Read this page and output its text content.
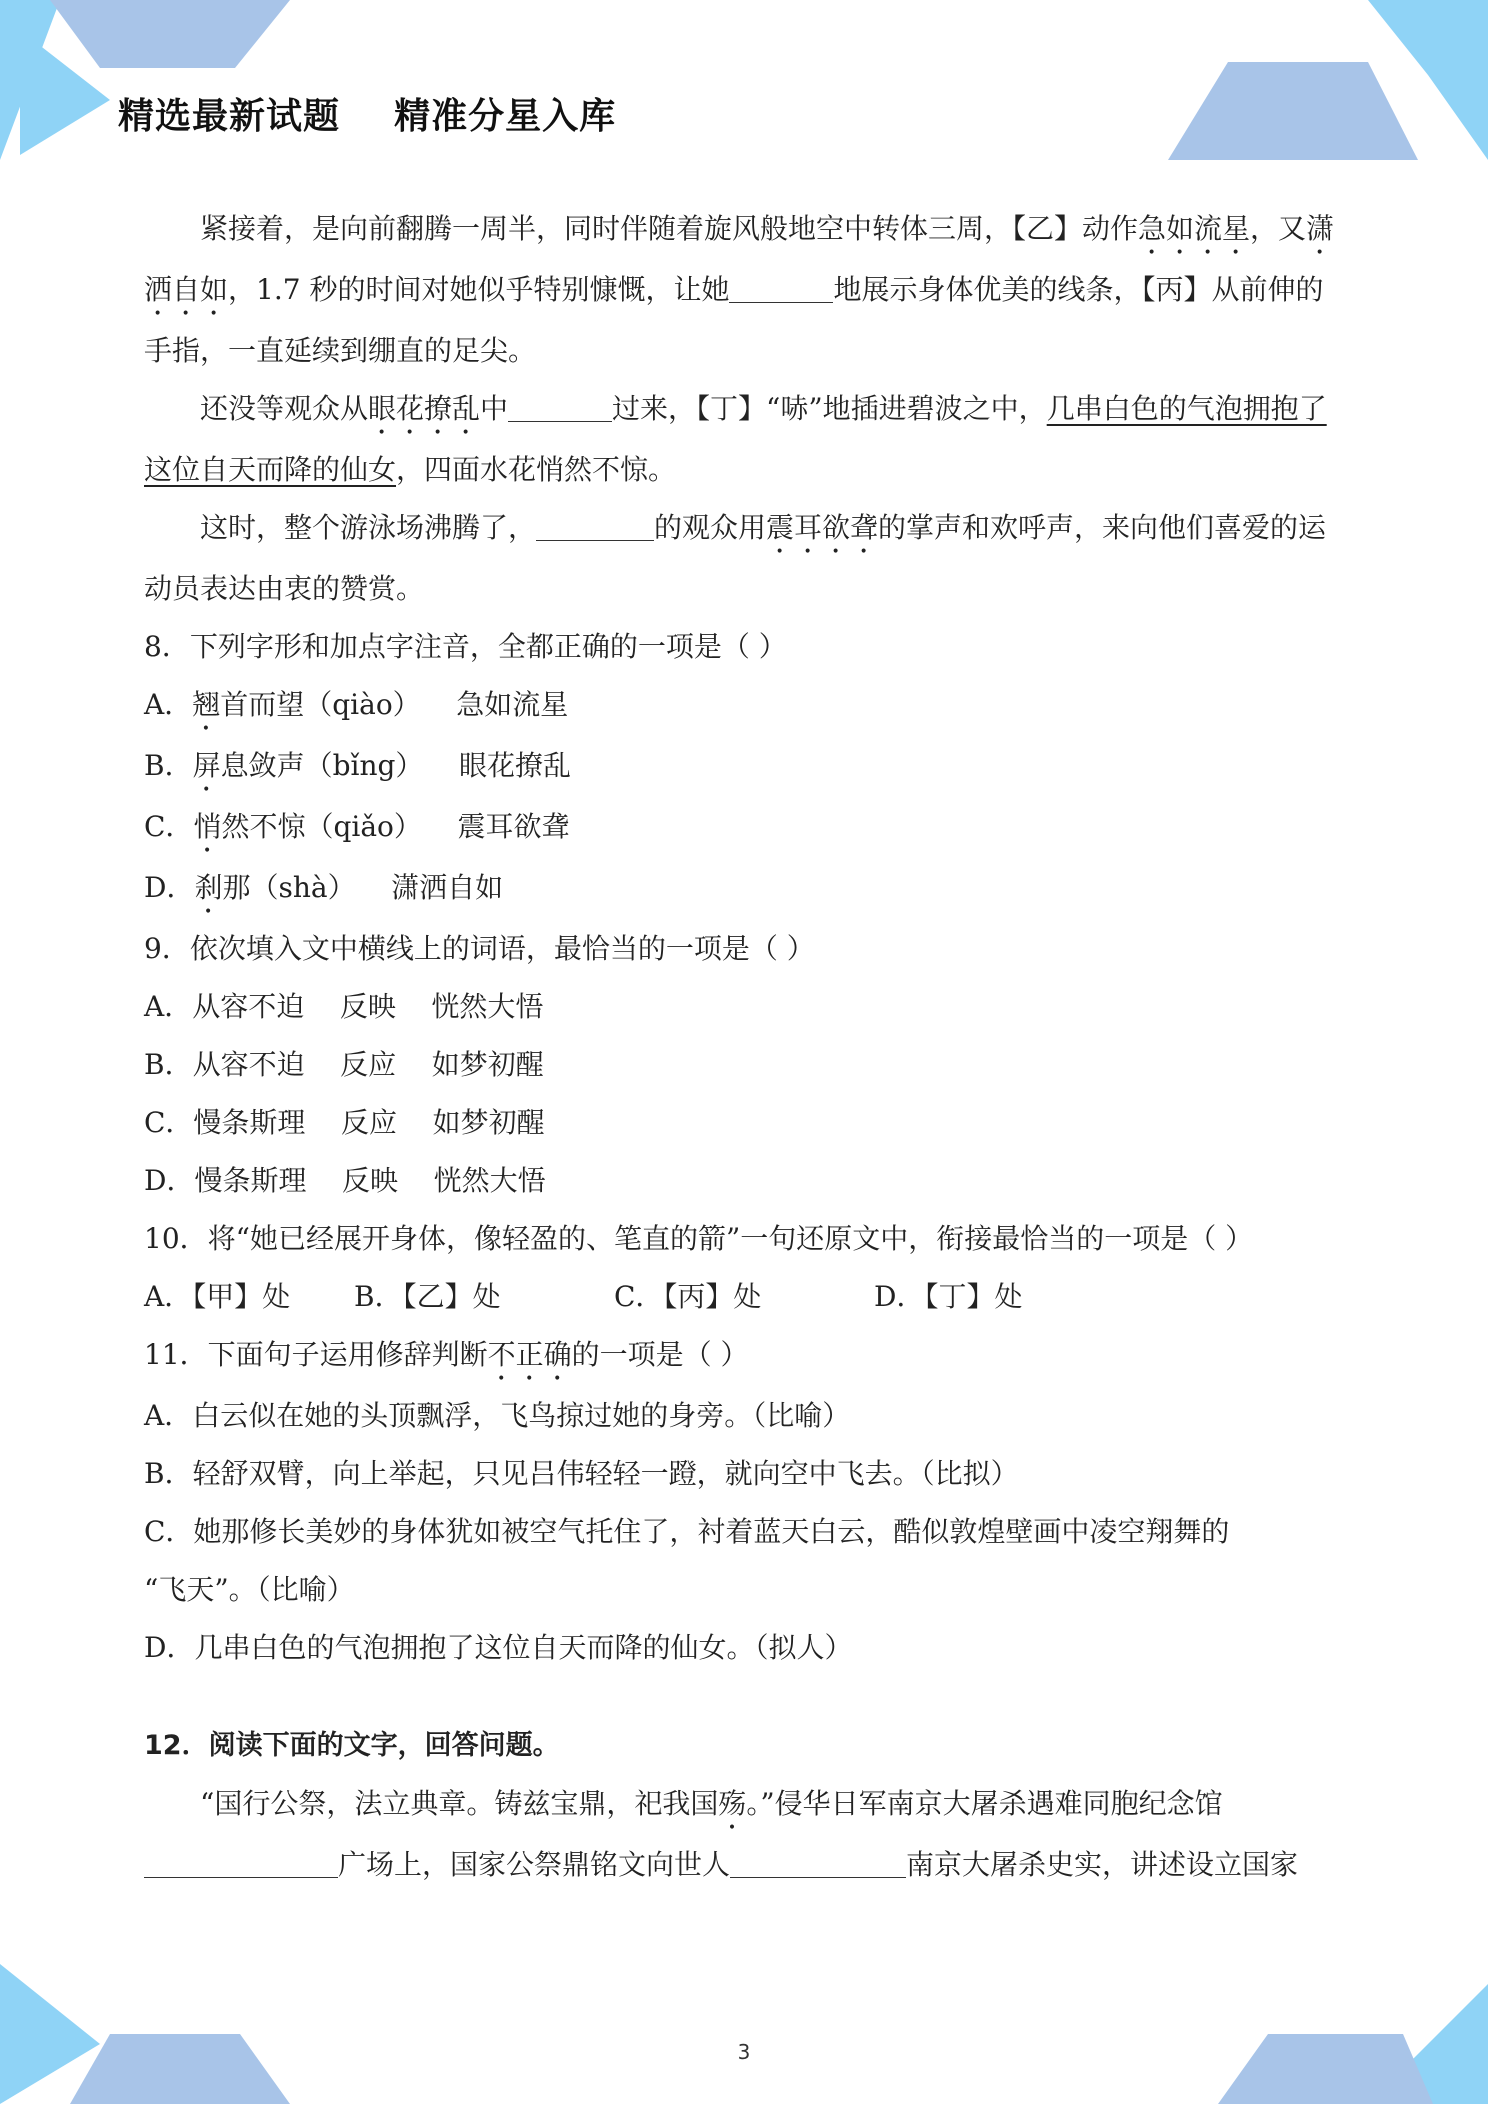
精选最新试题    精准分星入库

紧接着，是向前翻腾一周半，同时伴随着旋风般地空中转体三周，【乙】动作急如流星，又潇洒自如，1.7 秒的时间对她似乎特别慷慨，让她	地展示身体优美的线条，【丙】从前伸的手指，一直延续到绷直的足尖。

还没等观众从眼花撩乱中	过来，【丁】“哧”地插进碧波之中，几串白色的气泡拥抱了这位自天而降的仙女，四面水花悄然不惊。

这时，整个游泳场沸腾了，	的观众用震耳欲聋的掌声和欢呼声，来向他们喜爱的运动员表达由衷的赞赏。

8．下列字形和加点字注音，全都正确的一项是（ ）

A．翘首而望（qiào）    急如流星

B．屏息敛声（bǐng）    眼花撩乱

C．悄然不惊（qiǎo）    震耳欲聋

D．刹那（shà）    潇洒自如

9．依次填入文中横线上的词语，最恰当的一项是（ ）

A．从容不迫    反映    恍然大悟

B．从容不迫    反应    如梦初醒

C．慢条斯理    反应    如梦初醒

D．慢条斯理    反映    恍然大悟

10．将“她已经展开身体，像轻盈的、笔直的箭”一句还原文中，衔接最恰当的一项是（ ）

A．【甲】处 B．【乙】处	C．【丙】处	D．【丁】处

11．下面句子运用修辞判断不正确的一项是（ ）

A．白云似在她的头顶飘浮，飞鸟掠过她的身旁。（比喻）

B．轻舒双臂，向上举起，只见吕伟轻轻一蹬，就向空中飞去。（比拟）

C．她那修长美妙的身体犹如被空气托住了，衬着蓝天白云，酷似敦煌壁画中凌空翔舞的

“飞天”。（比喻）

D．几串白色的气泡拥抱了这位自天而降的仙女。（拟人）

12．阅读下面的文字，回答问题。

“国行公祭，法立典章。铸兹宝鼎，祀我国殇。”侵华日军南京大屠杀遇难同胞纪念馆广场上，国家公祭鼎铭文向世人	南京大屠杀史实，讲述设立国家

3
